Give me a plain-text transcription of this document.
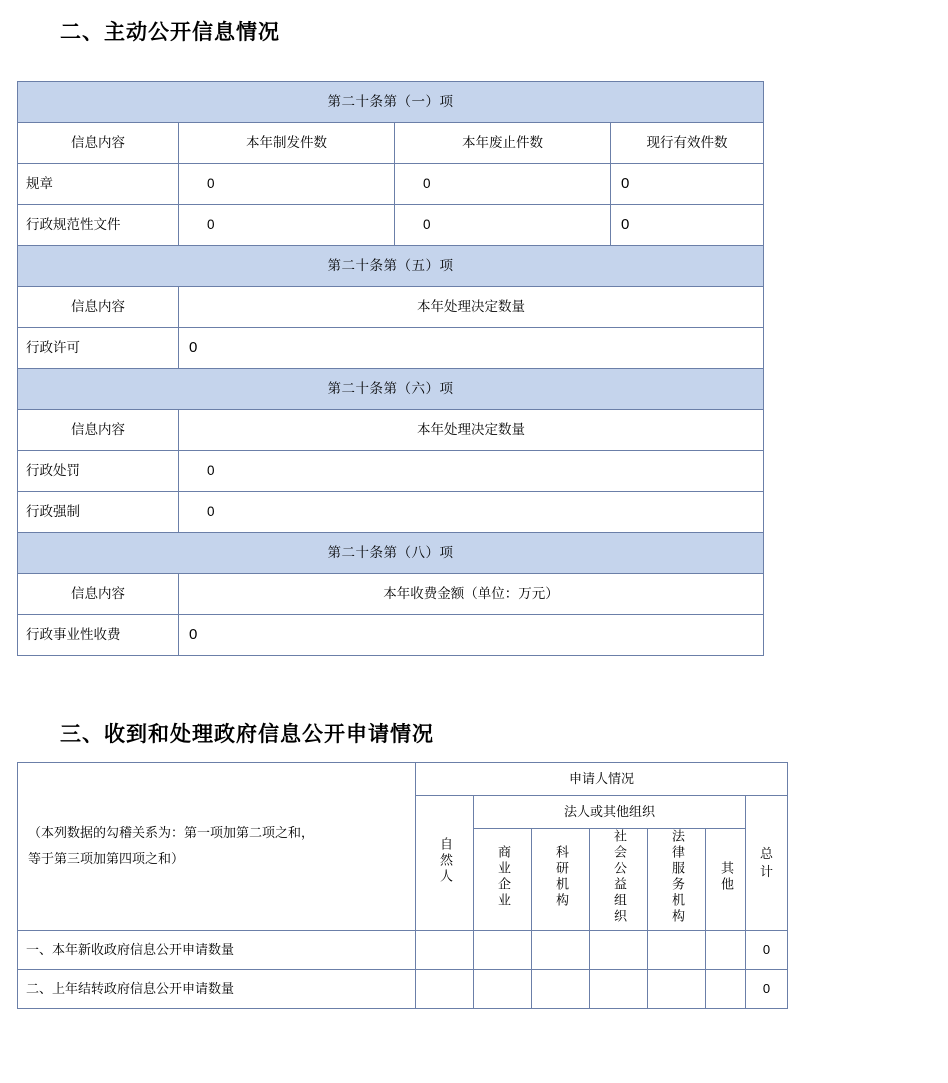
二、主动公开信息情况
第二十条第（一）项			
信息内容	本年制发件数	本年废止件数	现行有效件数
规章	0	0	0
行政规范性文件	0	0	0
第二十条第（五）项			
信息内容	本年处理决定数量		
行政许可	0		
第二十条第（六）项			
信息内容	本年处理决定数量		
行政处罚	0		
行政强制	0		
第二十条第（八）项			
信息内容	本年收费金额（单位：万元）		
行政事业性收费	0		
三、收到和处理政府信息公开申请情况
（本列数据的勾稽关系为：第一项加第二项之和，
等于第三项加第四项之和）	申请人情况						
	自然人	法人或其他组织					总计
		商业企业	科研机构	社会公益组织	法律服务机构	其他	
一、本年新收政府信息公开申请数量							0
二、上年结转政府信息公开申请数量							0
